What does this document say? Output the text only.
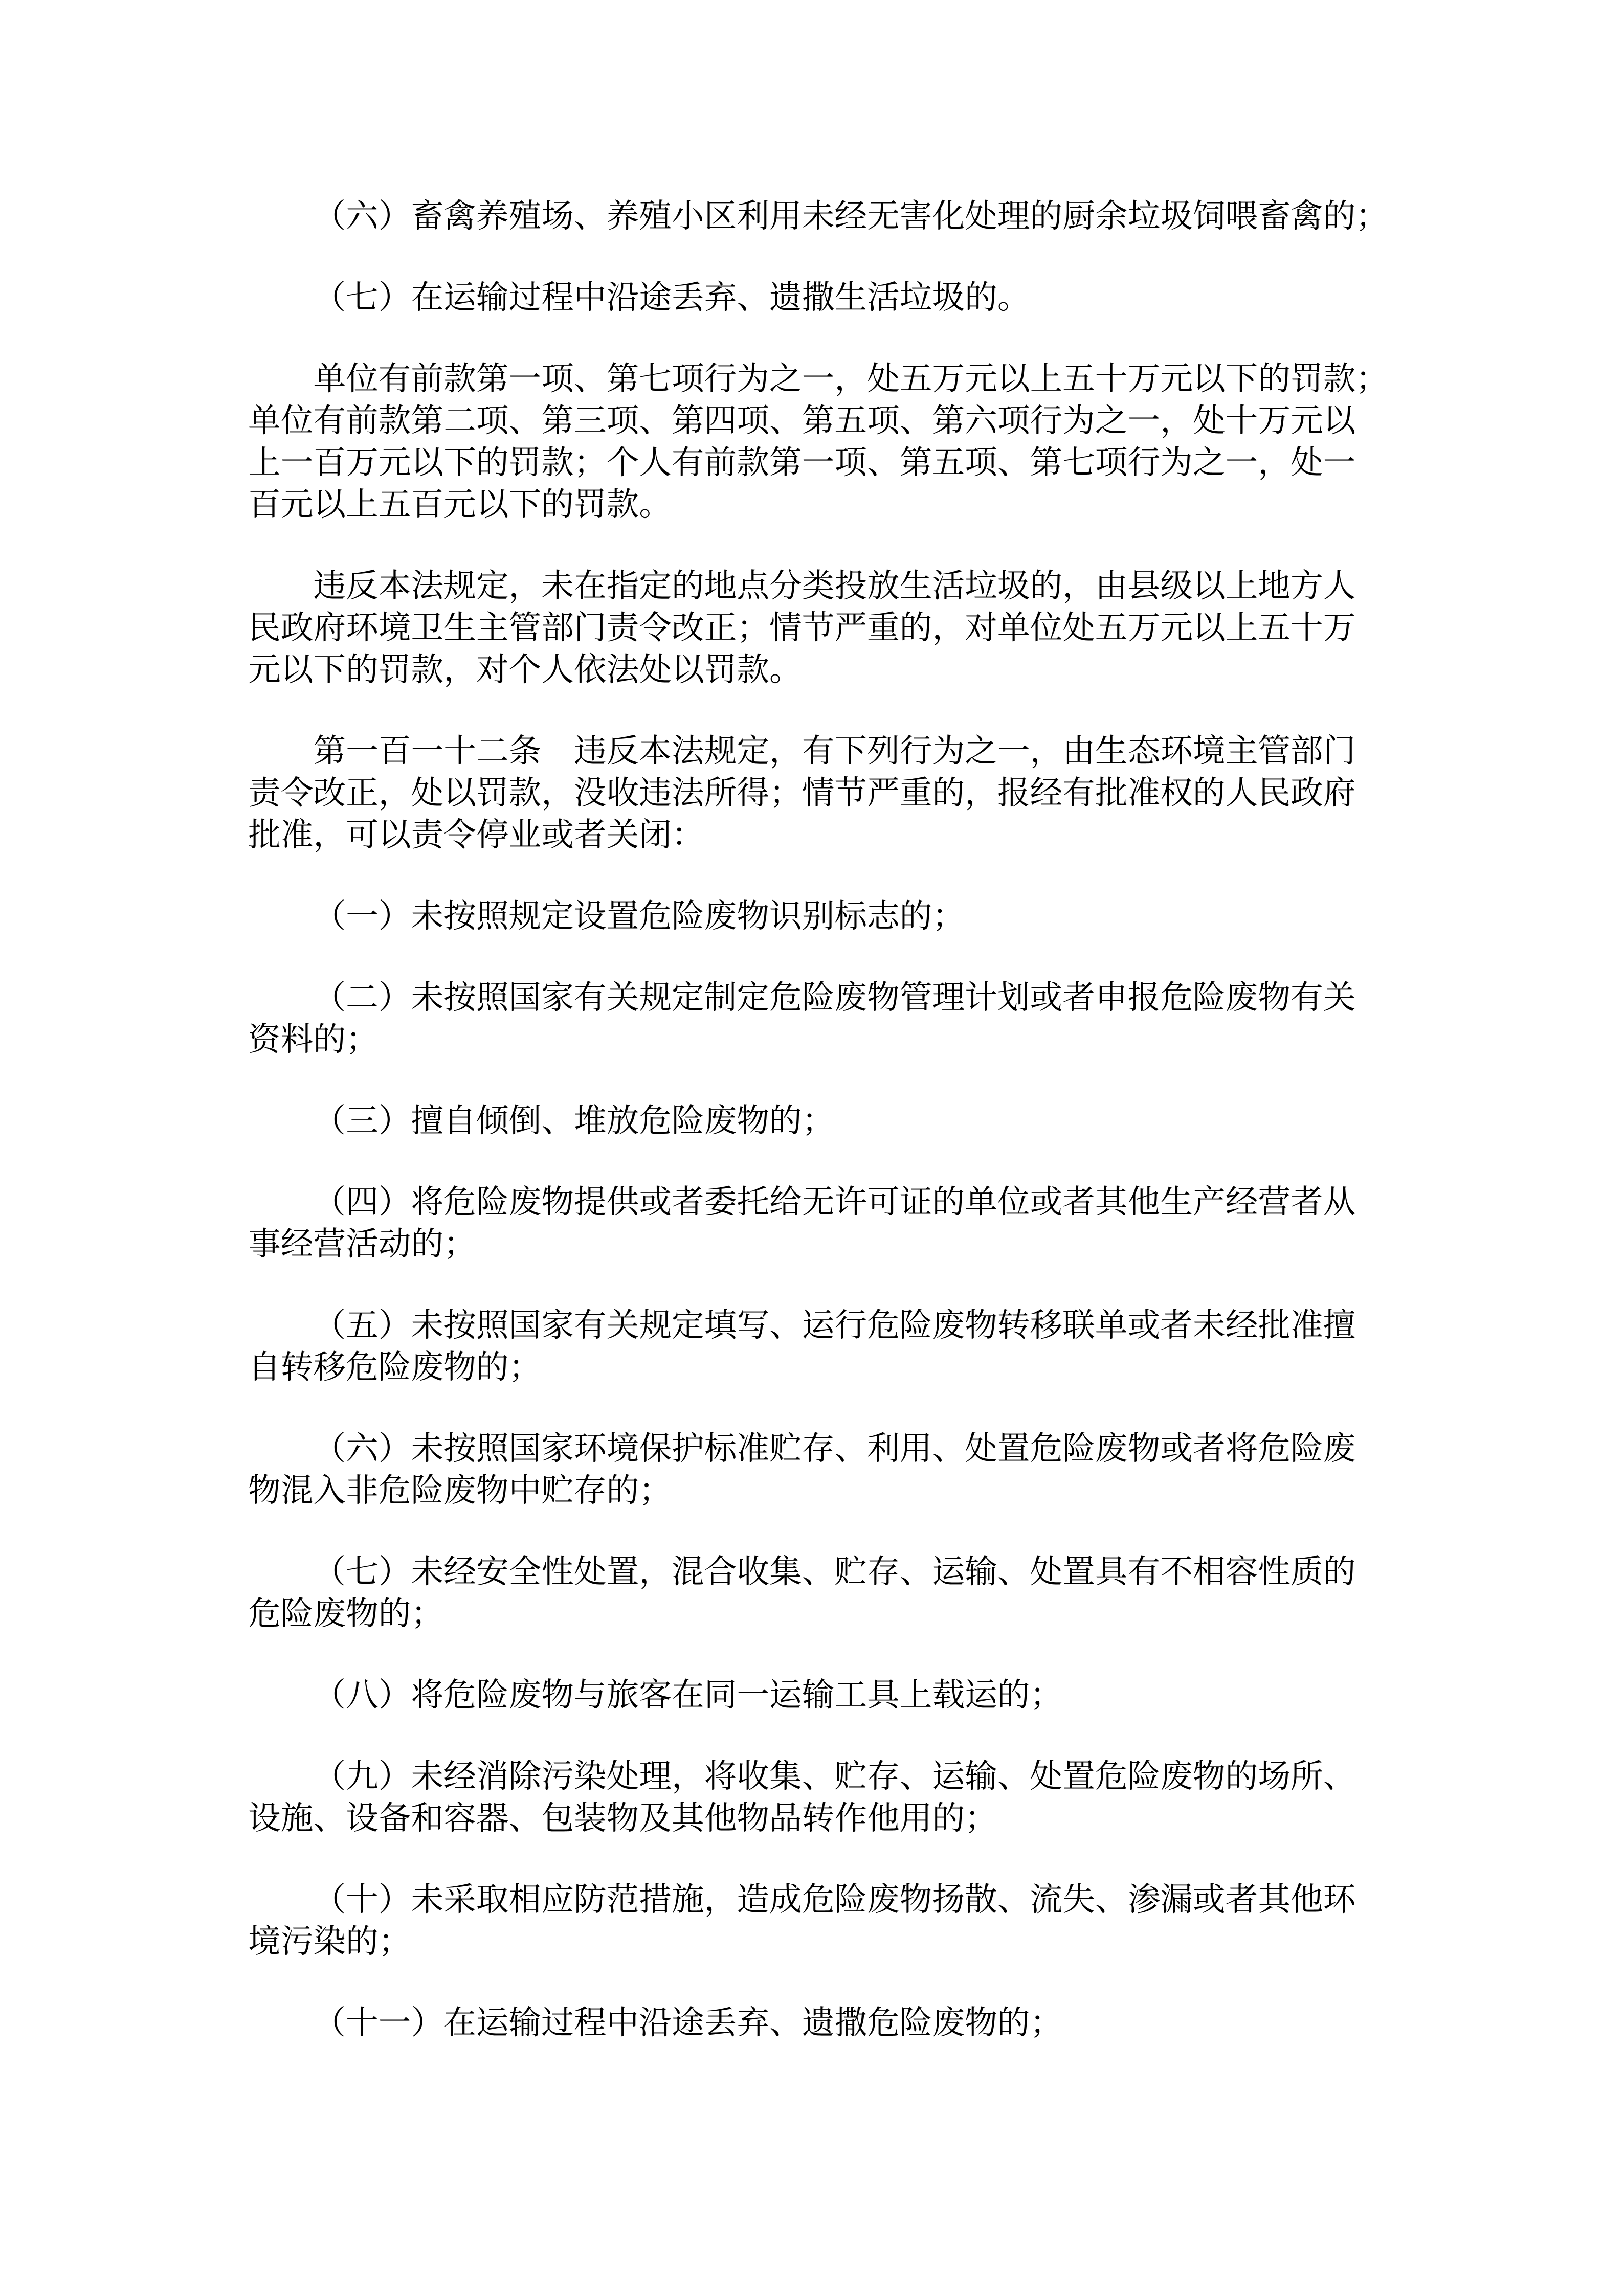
（六）畜禽养殖场、养殖小区利用未经无害化处理的厨余垃圾饲喂畜禽的；

（七）在运输过程中沿途丢弃、遗撒生活垃圾的。

单位有前款第一项、第七项行为之一，处五万元以上五十万元以下的罚款；
单位有前款第二项、第三项、第四项、第五项、第六项行为之一，处十万元以
上一百万元以下的罚款；个人有前款第一项、第五项、第七项行为之一，处一
百元以上五百元以下的罚款。

违反本法规定，未在指定的地点分类投放生活垃圾的，由县级以上地方人
民政府环境卫生主管部门责令改正；情节严重的，对单位处五万元以上五十万
元以下的罚款，对个人依法处以罚款。

第一百一十二条　违反本法规定，有下列行为之一，由生态环境主管部门
责令改正，处以罚款，没收违法所得；情节严重的，报经有批准权的人民政府
批准，可以责令停业或者关闭：

（一）未按照规定设置危险废物识别标志的；

（二）未按照国家有关规定制定危险废物管理计划或者申报危险废物有关
资料的；

（三）擅自倾倒、堆放危险废物的；

（四）将危险废物提供或者委托给无许可证的单位或者其他生产经营者从
事经营活动的；

（五）未按照国家有关规定填写、运行危险废物转移联单或者未经批准擅
自转移危险废物的；

（六）未按照国家环境保护标准贮存、利用、处置危险废物或者将危险废
物混入非危险废物中贮存的；

（七）未经安全性处置，混合收集、贮存、运输、处置具有不相容性质的
危险废物的；

（八）将危险废物与旅客在同一运输工具上载运的；

（九）未经消除污染处理，将收集、贮存、运输、处置危险废物的场所、
设施、设备和容器、包装物及其他物品转作他用的；

（十）未采取相应防范措施，造成危险废物扬散、流失、渗漏或者其他环
境污染的；

（十一）在运输过程中沿途丢弃、遗撒危险废物的；
